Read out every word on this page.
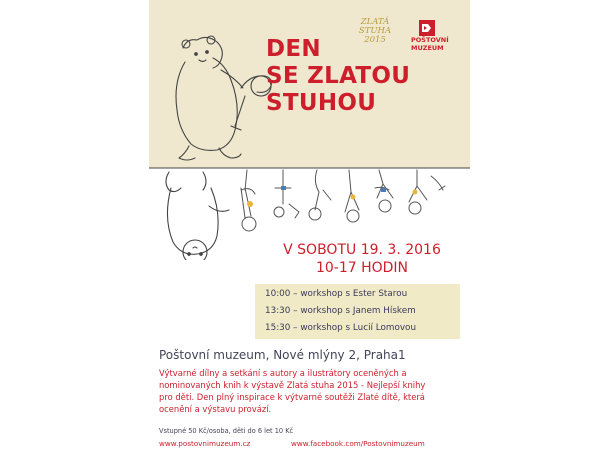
DEN
SE ZLATOU
STUHOU
ZLATÁ
STUHA
2015	POŠTOVNÍ
MUZEUM
V SOBOTU 19. 3. 2016
10-17 HODIN
10:00 – workshop s Ester Starou
13:30 – workshop s Janem Hískem
15:30 – workshop s Lucií Lomovou
Poštovní muzeum, Nové mlýny 2, Praha1
Výtvarné dílny a setkání s autory a ilustrátory oceněných a
nominovaných knih k výstavě Zlatá stuha 2015 - Nejlepší knihy
pro děti. Den plný inspirace k výtvarné soutěži Zlaté dítě, která
ocenění a výstavu provází.
Vstupné 50 Kč/osoba, děti do 6 let 10 Kč
www.postovnimuzeum.cz	www.facebook.com/Postovnimuzeum
